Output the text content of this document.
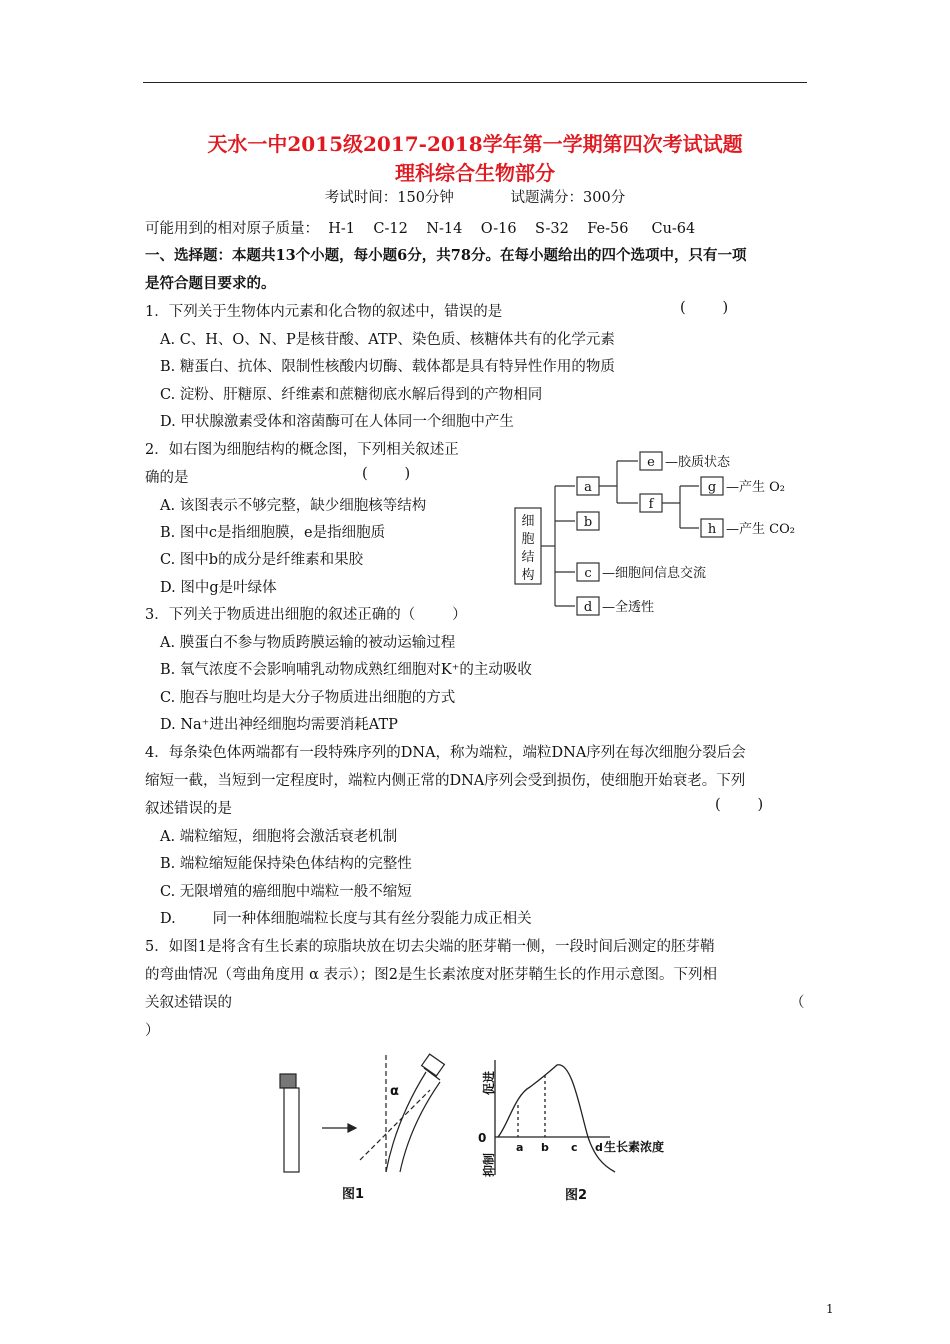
天水一中2015级2017-2018学年第一学期第四次考试试题
理科综合生物部分
考试时间：150分钟	试题满分：300分
可能用到的相对原子质量：  H-1    C-12    N-14    O-16    S-32    Fe-56     Cu-64
一、选择题：本题共13个小题，每小题6分，共78分。在每小题给出的四个选项中，只有一项
是符合题目要求的。
1．下列关于生物体内元素和化合物的叙述中，错误的是	(        )
A. C、H、O、N、P是核苷酸、ATP、染色质、核糖体共有的化学元素
B. 糖蛋白、抗体、限制性核酸内切酶、载体都是具有特异性作用的物质
C. 淀粉、肝糖原、纤维素和蔗糖彻底水解后得到的产物相同
D. 甲状腺激素受体和溶菌酶可在人体同一个细胞中产生
2．如右图为细胞结构的概念图，下列相关叙述正
确的是	(        )
A. 该图表示不够完整，缺少细胞核等结构
B. 图中c是指细胞膜，e是指细胞质
C. 图中b的成分是纤维素和果胶
D. 图中g是叶绿体
细
胞
结
构
a
b
c —细胞间信息交流
d —全透性
e —胶质状态
f
g —产生 O₂
h —产生 CO₂
3．下列关于物质进出细胞的叙述正确的（        ）
A. 膜蛋白不参与物质跨膜运输的被动运输过程
B. 氧气浓度不会影响哺乳动物成熟红细胞对K⁺的主动吸收
C. 胞吞与胞吐均是大分子物质进出细胞的方式
D. Na⁺进出神经细胞均需要消耗ATP
4．每条染色体两端都有一段特殊序列的DNA，称为端粒，端粒DNA序列在每次细胞分裂后会
缩短一截，当短到一定程度时，端粒内侧正常的DNA序列会受到损伤，使细胞开始衰老。下列
叙述错误的是	(        )
A. 端粒缩短，细胞将会激活衰老机制
B. 端粒缩短能保持染色体结构的完整性
C. 无限增殖的癌细胞中端粒一般不缩短
D.        同一种体细胞端粒长度与其有丝分裂能力成正相关
5．如图1是将含有生长素的琼脂块放在切去尖端的胚芽鞘一侧，一段时间后测定的胚芽鞘
的弯曲情况（弯曲角度用 α 表示）；图2是生长素浓度对胚芽鞘生长的作用示意图。下列相
关叙述错误的	（
）
α
图1
促进
抑制
0
a b c d 生长素浓度
图2
1
